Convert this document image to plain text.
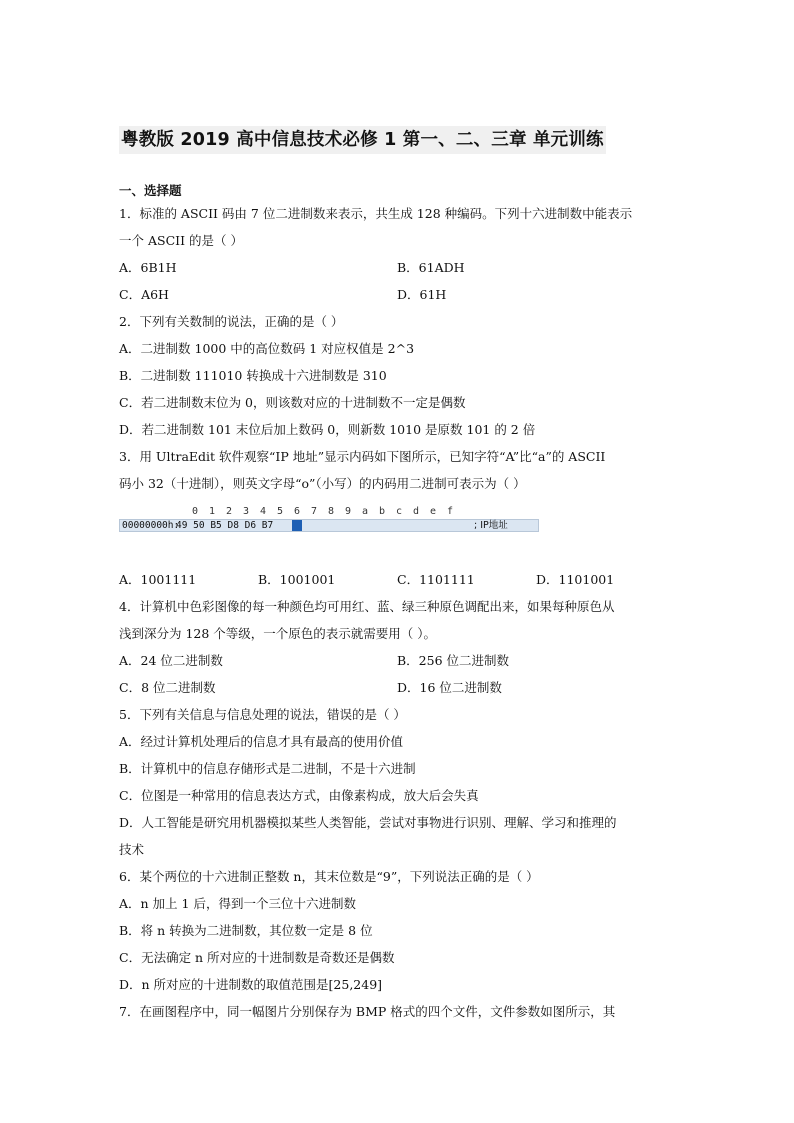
粤教版 2019 高中信息技术必修 1 第一、二、三章 单元训练
一、选择题
1．标准的 ASCII 码由 7 位二进制数来表示，共生成 128 种编码。下列十六进制数中能表示
一个 ASCII 的是（ ）
A．6B1H	B．61ADH
C．A6H	D．61H
2．下列有关数制的说法，正确的是（ ）
A．二进制数 1000 中的高位数码 1 对应权值是 2^3
B．二进制数 111010 转换成十六进制数是 310
C．若二进制数末位为 0，则该数对应的十进制数不一定是偶数
D．若二进制数 101 末位后加上数码 0，则新数 1010 是原数 101 的 2 倍
3．用 UltraEdit 软件观察“IP 地址”显示内码如下图所示，已知字符“A”比“a”的 ASCII
码小 32（十进制），则英文字母“o”（小写）的内码用二进制可表示为（ ）
0 1 2 3 4 5 6 7 8 9 a b c d e f
00000000h:
49 50 B5 D8 D6 B7	; IP地址
A．1001111	B．1001001	C．1101111	D．1101001
4．计算机中色彩图像的每一种颜色均可用红、蓝、绿三种原色调配出来，如果每种原色从
浅到深分为 128 个等级，一个原色的表示就需要用（ ）。
A．24 位二进制数	B．256 位二进制数
C．8 位二进制数	D．16 位二进制数
5．下列有关信息与信息处理的说法，错误的是（ ）
A．经过计算机处理后的信息才具有最高的使用价值
B．计算机中的信息存储形式是二进制，不是十六进制
C．位图是一种常用的信息表达方式，由像素构成，放大后会失真
D．人工智能是研究用机器模拟某些人类智能，尝试对事物进行识别、理解、学习和推理的
技术
6．某个两位的十六进制正整数 n，其末位数是“9”，下列说法正确的是（ ）
A．n 加上 1 后，得到一个三位十六进制数
B．将 n 转换为二进制数，其位数一定是 8 位
C．无法确定 n 所对应的十进制数是奇数还是偶数
D．n 所对应的十进制数的取值范围是[25,249]
7．在画图程序中，同一幅图片分别保存为 BMP 格式的四个文件，文件参数如图所示，其
